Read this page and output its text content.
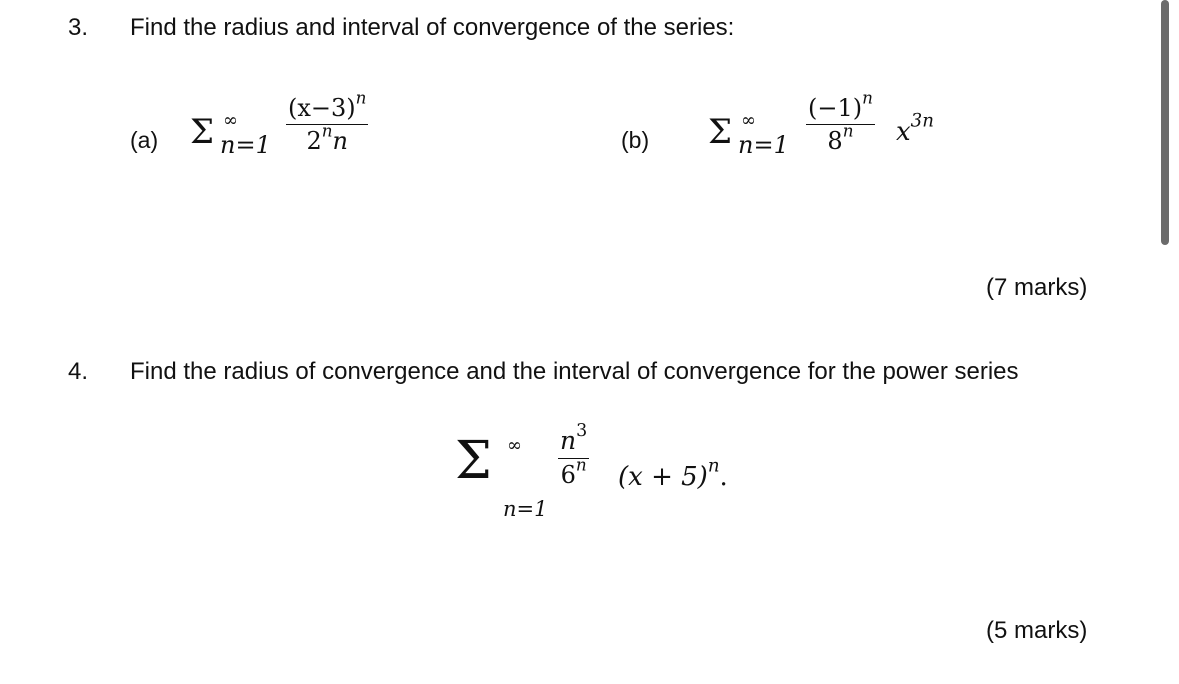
3. Find the radius and interval of convergence of the series:
(a) Σ ∞
$n=1 \frac{(x-3)^n}{2^nn}$	(b) Σ ∞
$n=1 \frac{(-1)^n}{8^n} x^{3n}$
(7 marks)
4. Find the radius of convergence and the interval of convergence for the power series
Σ ∞
n=1
$\frac{n^3}{6^n} (x + 5)^n$.
(5 marks)
